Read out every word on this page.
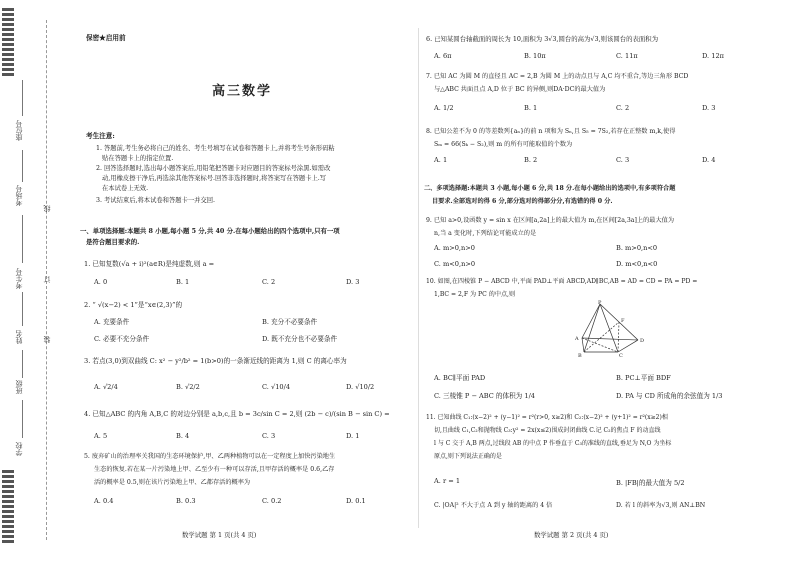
座位号
考场号
考生号
姓名
班级
学校
线
订
装
保密★启用前
高三数学
考生注意:
1. 答题前,考生务必将自己的姓名、考生号填写在试卷和答题卡上,并将考生号条形码粘
贴在答题卡上的指定位置.
2. 回答选择题时,选出每小题答案后,用铅笔把答题卡对应题目的答案标号涂黑.如需改
动,用橡皮擦干净后,再选涂其他答案标号.回答非选择题时,将答案写在答题卡上.写
在本试卷上无效.
3. 考试结束后,将本试卷和答题卡一并交回.
一、单项选择题:本题共 8 小题,每小题 5 分,共 40 分.在每小题给出的四个选项中,只有一项
是符合题目要求的.
1. 已知复数(√a + i)²(a∈R)是纯虚数,则 a =
A. 0	B. 1	C. 2	D. 3
2. “ √(x−2) < 1”是“x∈(2,3)”的
A. 充要条件	B. 充分不必要条件
C. 必要不充分条件	D. 既不充分也不必要条件
3. 若点(3,0)到双曲线 C: x² − y²/b² = 1(b>0)的一条渐近线的距离为 1,则 C 的离心率为
A. √2/4	B. √2/2	C. √10/4	D. √10/2
4. 已知△ABC 的内角 A,B,C 的对边分别是 a,b,c,且 b = 3c/sin C = 2,则 (2b − c)/(sin B − sin C) =
A. 5	B. 4	C. 3	D. 1
5. 废弃矿山的治理率关我国的生态环境保护,甲、乙两种植物可以在一定程度上加快污染地生
生态的恢复.若在某一片污染地上甲、乙至少有一种可以存活,且甲存活的概率是 0.6,乙存
活的概率是 0.5,则在该片污染地上甲、乙都存活的概率为
A. 0.4	B. 0.3	C. 0.2	D. 0.1
数学试题 第 1 页(共 4 页)
6. 已知某圆台轴截面的周长为 10,面积为 3√3,圆台的高为√3,则该圆台的表面积为
A. 6π	B. 10π	C. 11π	D. 12π
7. 已知 AC 为圆 M 的直径且 AC = 2,B 为圆 M 上的动点且与 A,C 均不重合,等边三角形 BCD
与△ABC 共面且点 A,D 位于 BC 的异侧,则DA·DC的最大值为
A. 1/2	B. 1	C. 2	D. 3
8. 已知公差不为 0 的等差数列{aₙ}的前 n 项和为 Sₙ,且 S₅ = 7S₂,若存在正整数 m,k,使得
Sₘ = 66(Sₖ − S₂),则 m 的所有可能取值的个数为
A. 1	B. 2	C. 3	D. 4
二、多项选择题:本题共 3 小题,每小题 6 分,共 18 分.在每小题给出的选项中,有多项符合题
目要求.全部选对的得 6 分,部分选对的得部分分,有选错的得 0 分.
9. 已知 a>0,设函数 y = sin x 在区间[a,2a]上的最大值为 m,在区间[2a,3a]上的最大值为
n,当 a 变化时,下列结论可能成立的是
A. m>0,n>0	B. m>0,n<0
C. m<0,n>0	D. m<0,n<0
10. 如图,在四棱锥 P − ABCD 中,平面 PAD⊥平面 ABCD,AD∥BC,AB = AD = CD = PA = PD =
1,BC = 2,F 为 PC 的中点,则
P
F
A	D
B	C
A. BC∥平面 PAD	B. PC⊥平面 BDF
C. 三棱锥 P − ABC 的体积为 1/4	D. PA 与 CD 所成角的余弦值为 1/3
11. 已知曲线 C₁:(x−2)² + (y−1)² = r²(r>0, x≥2)和 C₂:(x−2)² + (y+1)² = r²(x≥2)相
切,且曲线 C₁,C₂和抛物线 C₃:y² = 2x(x≤2)围成封闭曲线 C.记 C₂的焦点 F 的动直线
l 与 C 交于 A,B 两点,过线段 AB 的中点 P 作垂直于 C₃的准线的直线,垂足为 N,O 为坐标
原点,则下列说法正确的是
A. r = 1	B. |FB|的最大值为 5/2
C. |OA|² 不大于点 A 到 y 轴的距离的 4 倍	D. 若 l 的斜率为√3,则 AN⊥BN
数学试题 第 2 页(共 4 页)
